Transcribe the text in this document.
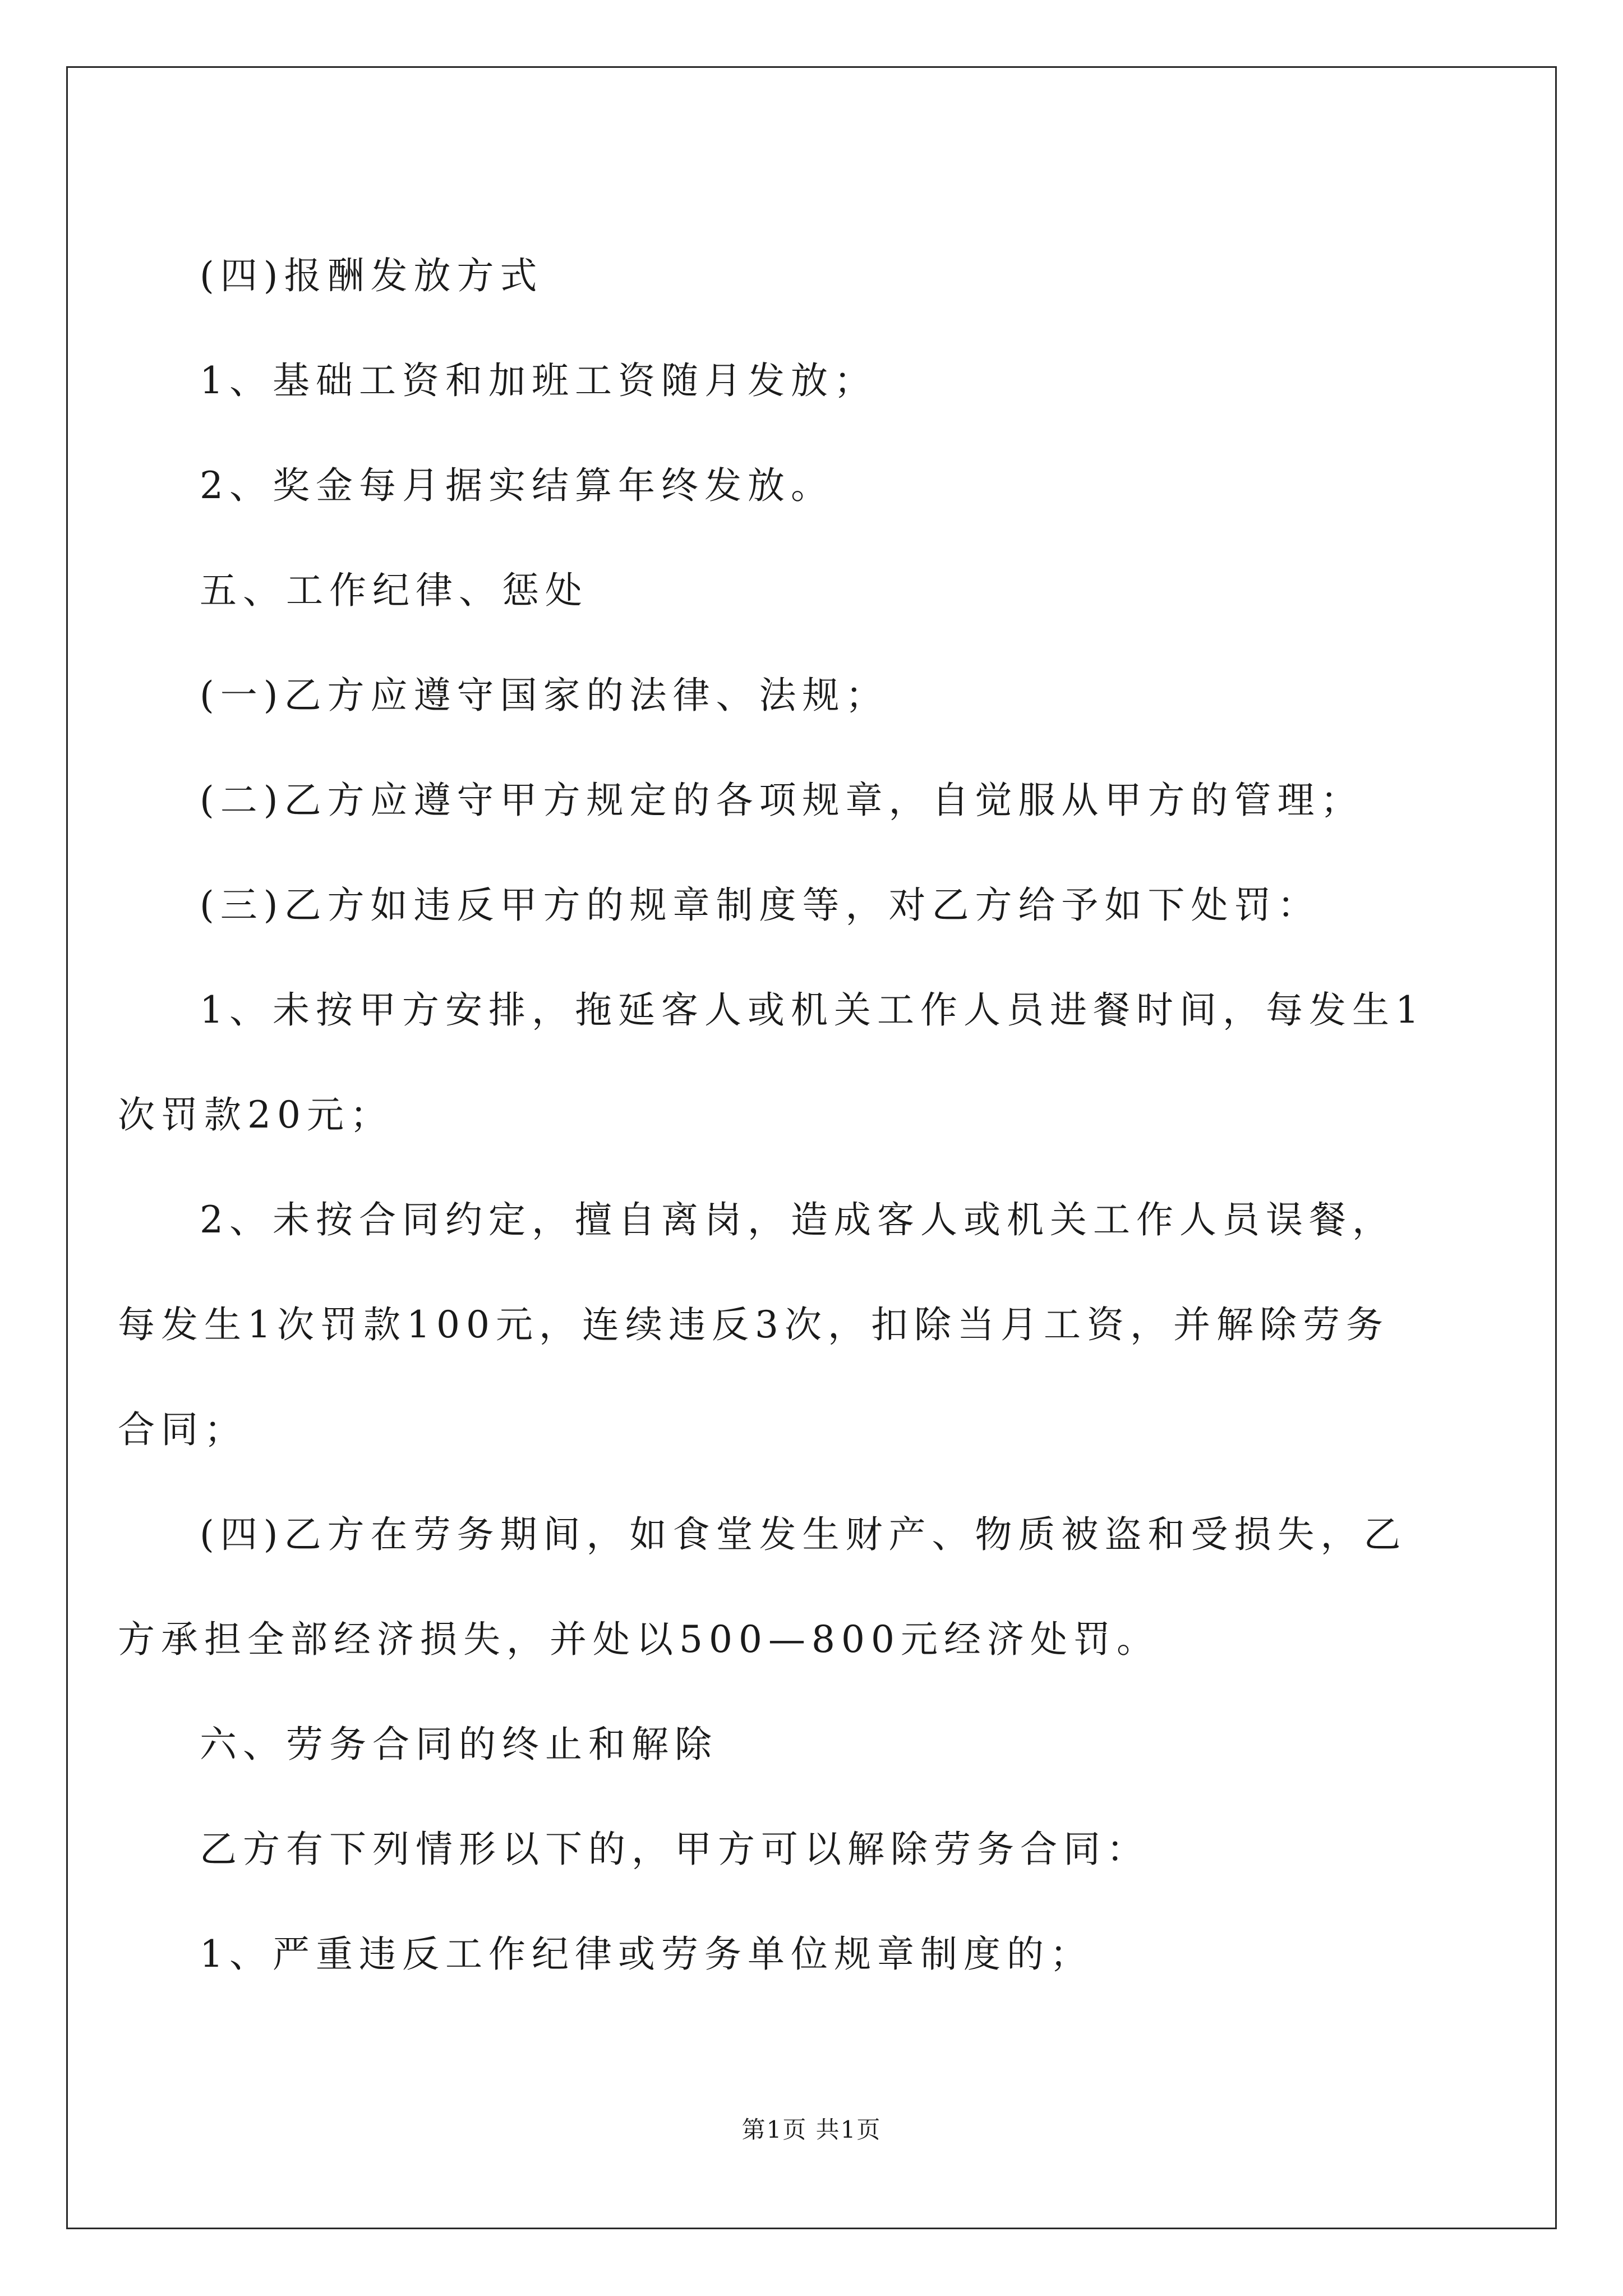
(四)报酬发放方式

1、基础工资和加班工资随月发放；

2、奖金每月据实结算年终发放。

五、工作纪律、惩处

(一)乙方应遵守国家的法律、法规；

(二)乙方应遵守甲方规定的各项规章，自觉服从甲方的管理；

(三)乙方如违反甲方的规章制度等，对乙方给予如下处罚：

1、未按甲方安排，拖延客人或机关工作人员进餐时间，每发生1次罚款20元；

2、未按合同约定，擅自离岗，造成客人或机关工作人员误餐，每发生1次罚款100元，连续违反3次，扣除当月工资，并解除劳务合同；

(四)乙方在劳务期间，如食堂发生财产、物质被盗和受损失，乙方承担全部经济损失，并处以500—800元经济处罚。

六、劳务合同的终止和解除

乙方有下列情形以下的，甲方可以解除劳务合同：

1、严重违反工作纪律或劳务单位规章制度的；

第1页 共1页
